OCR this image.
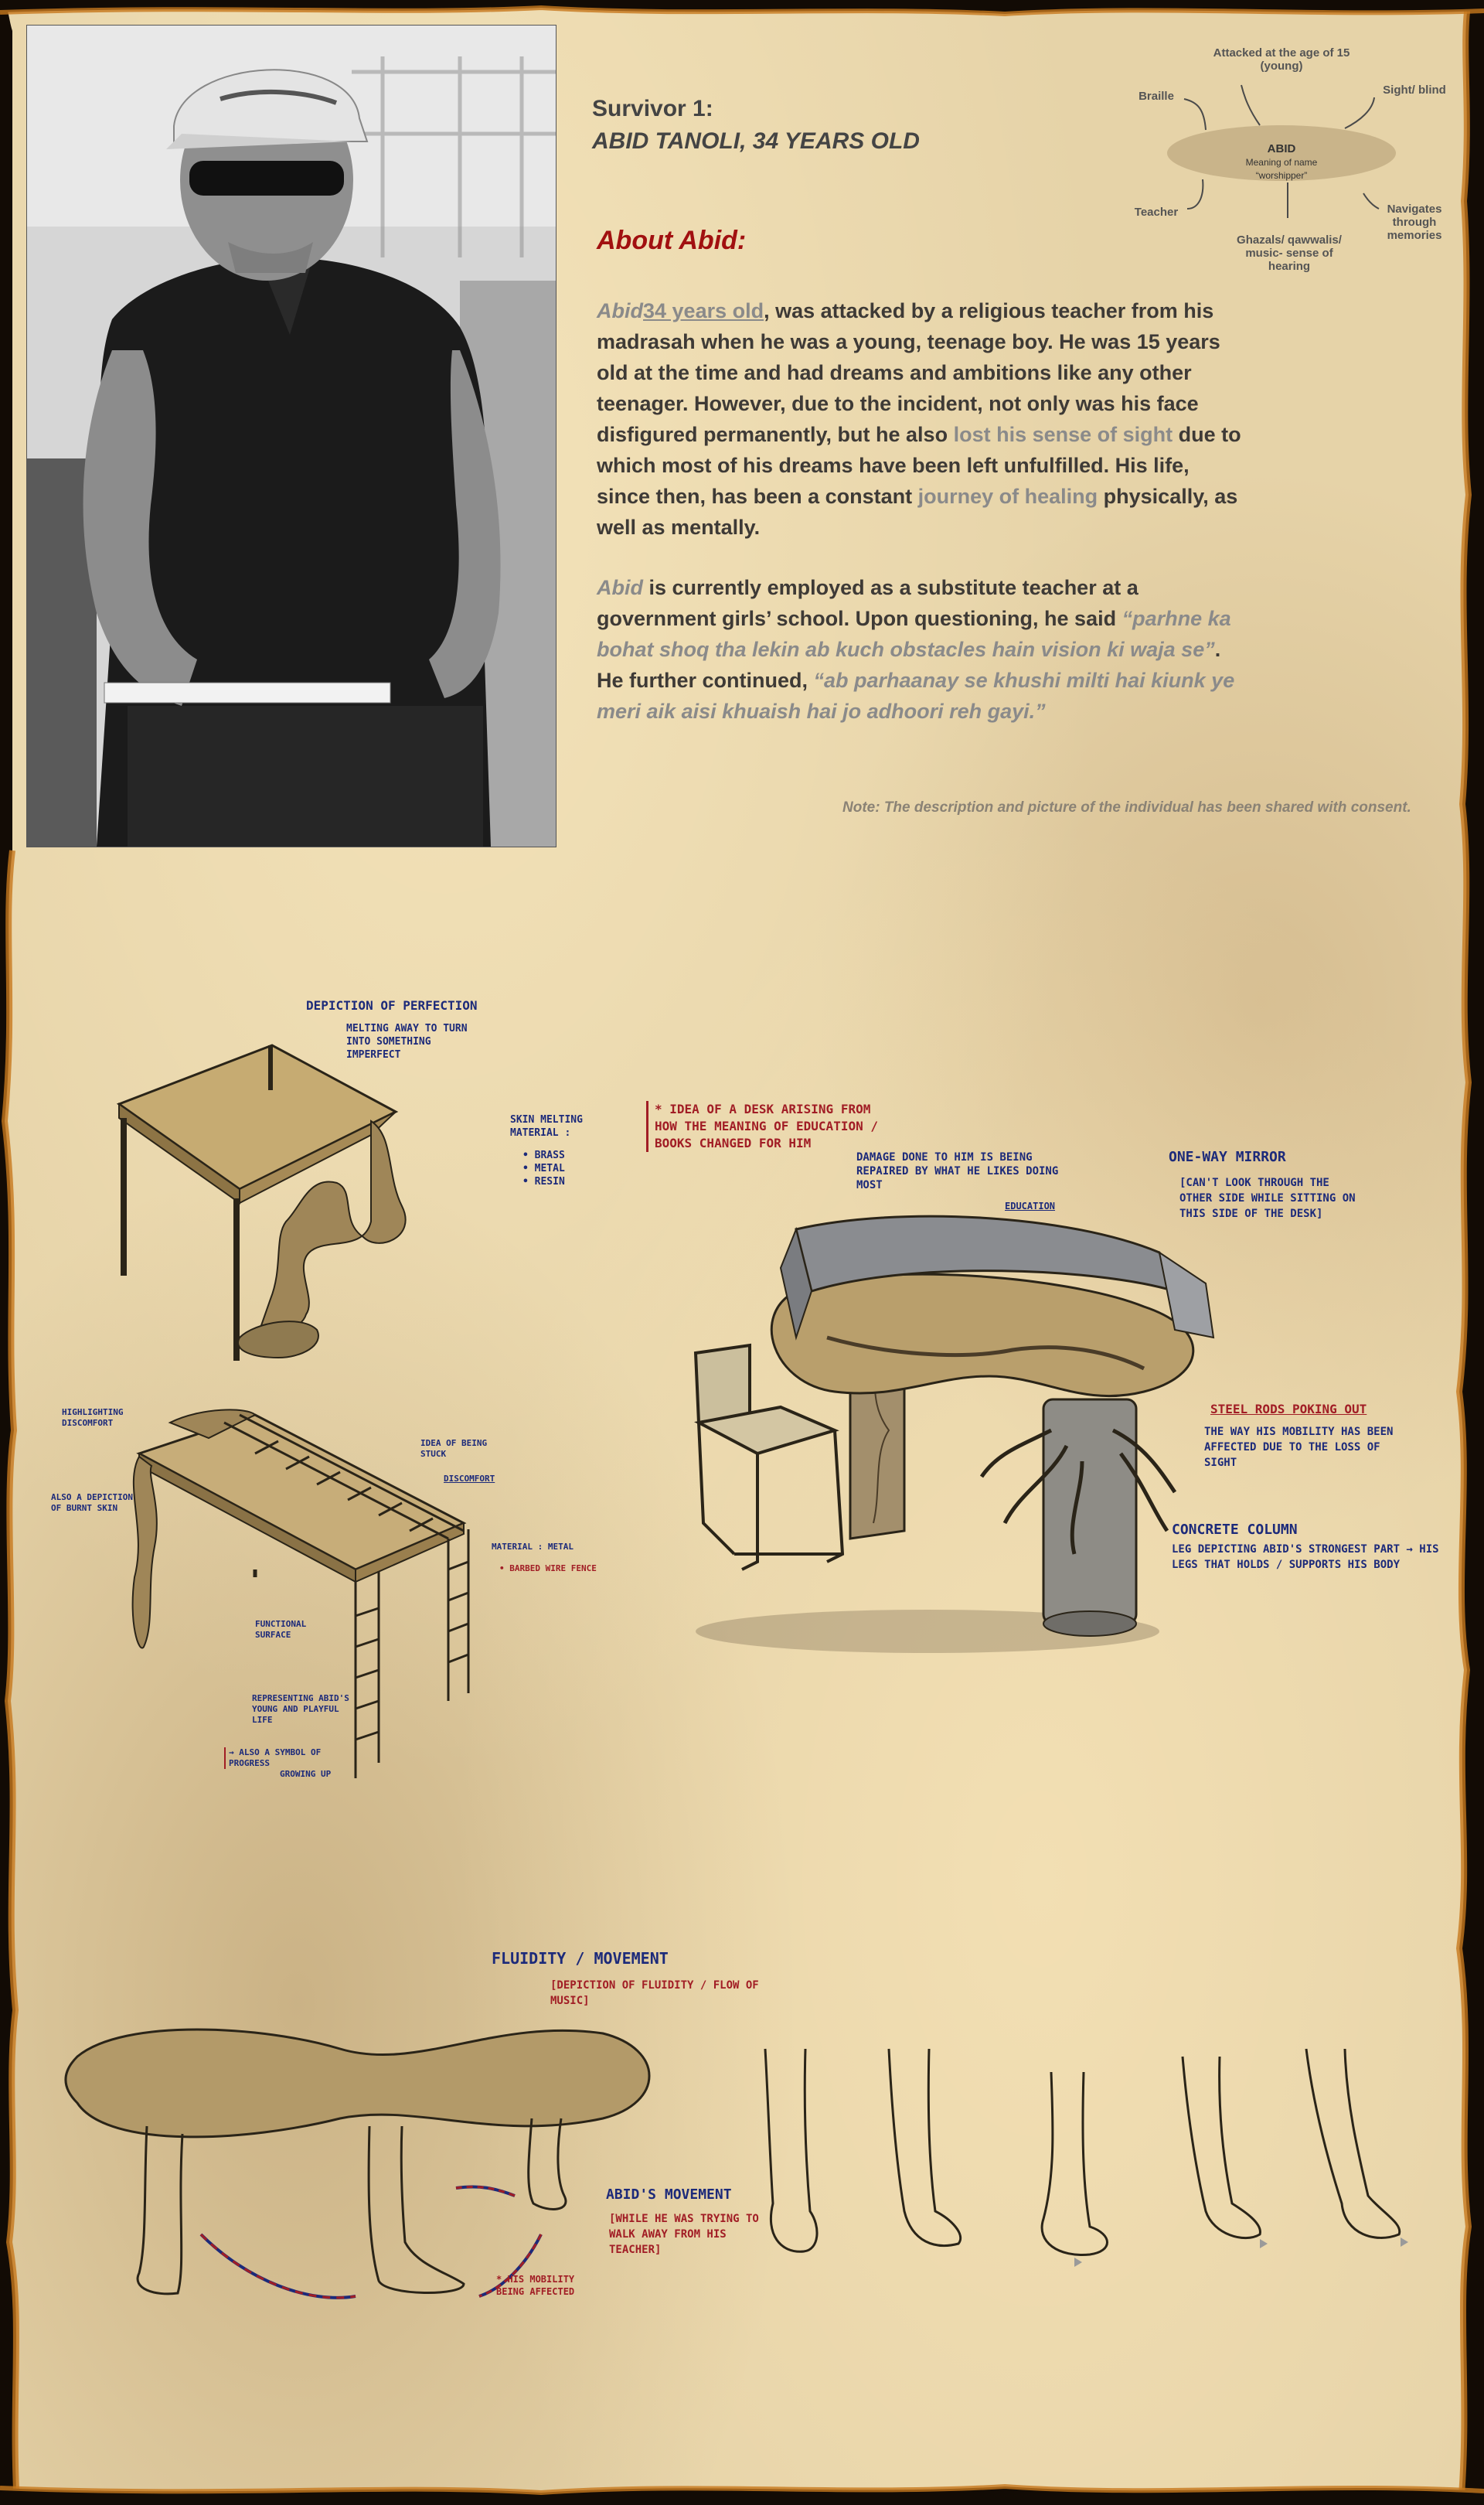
Survivor 1:
ABID TANOLI, 34 YEARS OLD	ABID
Meaning of name “worshipper”
Attacked at the age of 15 (young)
Braille	Sight/ blind
Teacher	Navigates through memories
Ghazals/ qawwalis/ music- sense of hearing
About Abid:

Abid34 years old, was attacked by a religious teacher from his madrasah when he was a young, teenage boy. He was 15 years old at the time and had dreams and ambitions like any other teenager. However, due to the incident, not only was his face disfigured permanently, but he also lost his sense of sight due to which most of his dreams have been left unfulfilled. His life, since then, has been a constant journey of healing physically, as well as mentally.

Abid is currently employed as a substitute teacher at a government girls’ school. Upon questioning, he said “parhne ka bohat shoq tha lekin ab kuch obstacles hain vision ki waja se”. He further continued, “ab parhaanay se khushi milti hai kiunk ye meri aik aisi khuaish hai jo adhoori reh gayi.”

Note: The description and picture of the individual has been shared with consent.
DEPICTION OF PERFECTION
MELTING AWAY TO TURN INTO SOMETHING IMPERFECT
SKIN MELTING MATERIAL :
• BRASS
• METAL
• RESIN
HIGHLIGHTING DISCOMFORT
ALSO A DEPICTION OF BURNT SKIN
IDEA OF BEING STUCK
DISCOMFORT
MATERIAL : METAL
• BARBED WIRE FENCE
FUNCTIONAL SURFACE
REPRESENTING ABID'S YOUNG AND PLAYFUL LIFE
→ ALSO A SYMBOL OF PROGRESS
GROWING UP
* IDEA OF A DESK ARISING FROM HOW THE MEANING OF EDUCATION / BOOKS CHANGED FOR HIM
DAMAGE DONE TO HIM IS BEING REPAIRED BY WHAT HE LIKES DOING MOST
EDUCATION
ONE-WAY MIRROR
[CAN'T LOOK THROUGH THE OTHER SIDE WHILE SITTING ON THIS SIDE OF THE DESK]
STEEL RODS POKING OUT
THE WAY HIS MOBILITY HAS BEEN AFFECTED DUE TO THE LOSS OF SIGHT
CONCRETE COLUMN
LEG DEPICTING ABID'S STRONGEST PART → HIS LEGS THAT HOLDS / SUPPORTS HIS BODY
FLUIDITY / MOVEMENT
[DEPICTION OF FLUIDITY / FLOW OF MUSIC]
ABID'S MOVEMENT
[WHILE HE WAS TRYING TO WALK AWAY FROM HIS TEACHER]
* HIS MOBILITY BEING AFFECTED
